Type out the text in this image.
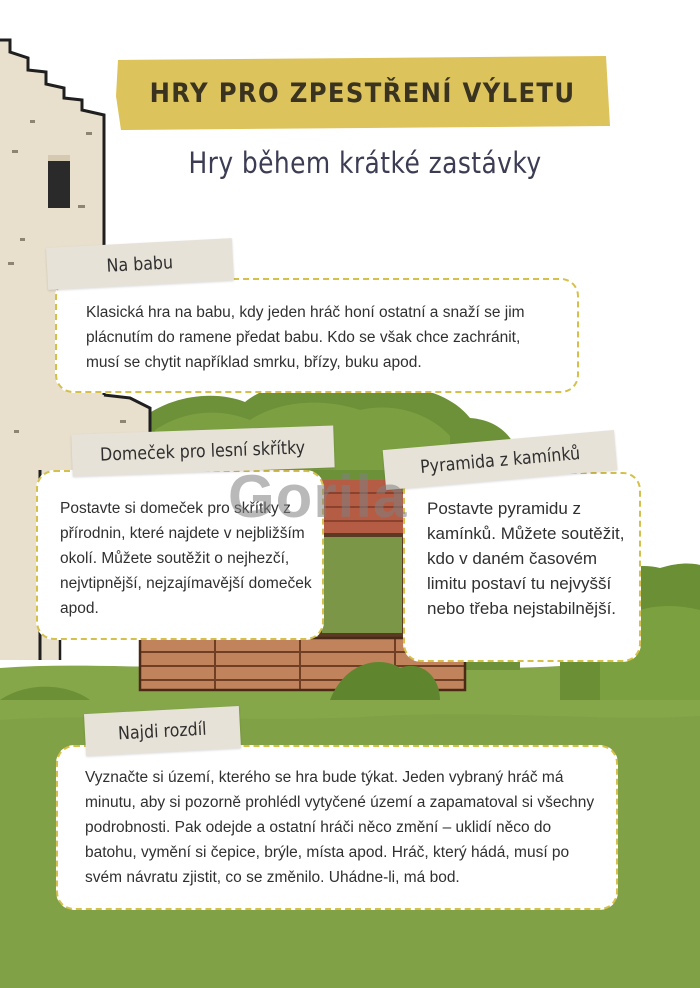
HRY PRO ZPESTŘENÍ VÝLETU
Hry během krátké zastávky

Klasická hra na babu, kdy jeden hráč honí ostatní a snaží se jim plácnutím do ramene předat babu. Kdo se však chce zachránit, musí se chytit například smrku, břízy, buku apod.

Na babu

Postavte si domeček pro skřítky z přírodnin, které najdete v nejbližším okolí. Můžete soutěžit o nejhezčí, nejvtipnější, nejzajímavější domeček apod.

Domeček pro lesní skřítky

Postavte pyramidu z kamínků. Můžete soutěžit, kdo v daném časovém limitu postaví tu nejvyšší nebo třeba nejstabilnější.

Pyramida z kamínků

Vyznačte si území, kterého se hra bude týkat. Jeden vybraný hráč má minutu, aby si pozorně prohlédl vytyčené území a zapamatoval si všechny podrobnosti. Pak odejde a ostatní hráči něco změní – uklidí něco do batohu, vymění si čepice, brýle, místa apod. Hráč, který hádá, musí po svém návratu zjistit, co se změnilo. Uhádne-li, má bod.

Najdi rozdíl
Gorila
